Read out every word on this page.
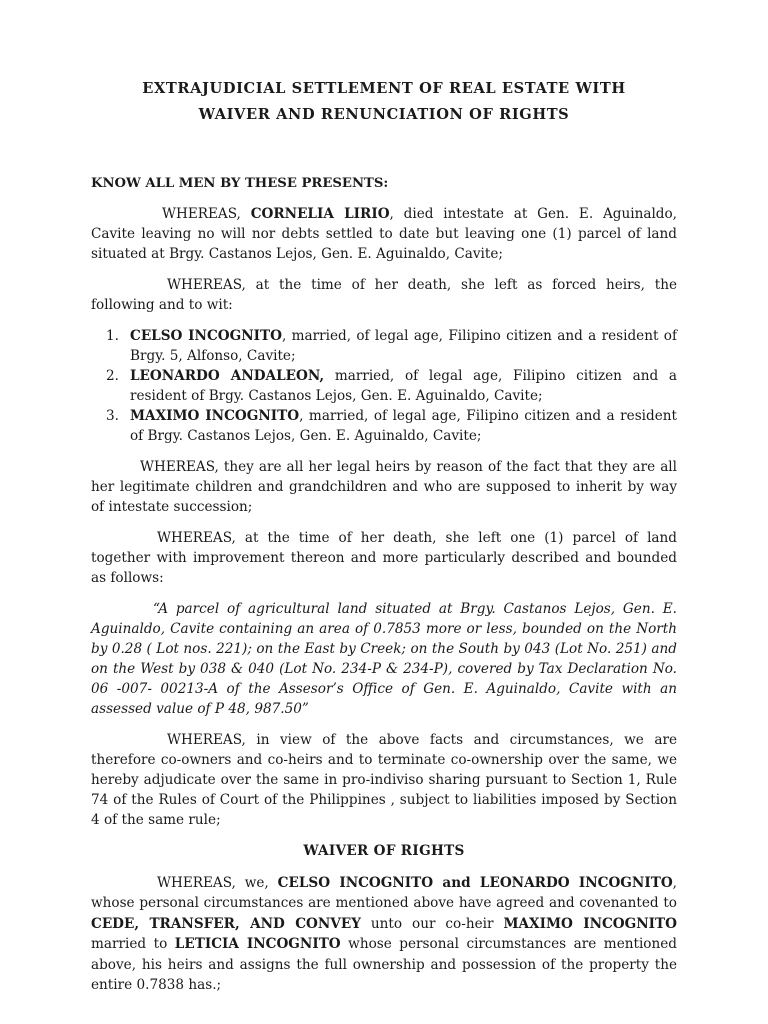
EXTRAJUDICIAL SETTLEMENT OF REAL ESTATE WITH

WAIVER AND RENUNCIATION OF RIGHTS

KNOW ALL MEN BY THESE PRESENTS:

WHEREAS, CORNELIA LIRIO, died intestate at Gen. E. Aguinaldo, Cavite leaving no will nor debts settled to date but leaving one (1) parcel of land situated at Brgy. Castanos Lejos, Gen. E. Aguinaldo, Cavite;

WHEREAS, at the time of her death, she left as forced heirs, the following and to wit:

1. CELSO INCOGNITO, married, of legal age, Filipino citizen and a resident of Brgy. 5, Alfonso, Cavite;
2. LEONARDO ANDALEON, married, of legal age, Filipino citizen and a resident of Brgy. Castanos Lejos, Gen. E. Aguinaldo, Cavite;
3. MAXIMO INCOGNITO, married, of legal age, Filipino citizen and a resident of Brgy. Castanos Lejos, Gen. E. Aguinaldo, Cavite;

WHEREAS, they are all her legal heirs by reason of the fact that they are all her legitimate children and grandchildren and who are supposed to inherit by way of intestate succession;

WHEREAS, at the time of her death, she left one (1) parcel of land together with improvement thereon and more particularly described and bounded as follows:

“A parcel of agricultural land situated at Brgy. Castanos Lejos, Gen. E. Aguinaldo, Cavite containing an area of 0.7853 more or less, bounded on the North by 0.28 ( Lot nos. 221); on the East by Creek; on the South by 043 (Lot No. 251) and on the West by 038 & 040 (Lot No. 234-P & 234-P), covered by Tax Declaration No. 06 -007- 00213-A of the Assesor’s Office of Gen. E. Aguinaldo, Cavite with an assessed value of P 48, 987.50”

WHEREAS, in view of the above facts and circumstances, we are therefore co-owners and co-heirs and to terminate co-ownership over the same, we hereby adjudicate over the same in pro-indiviso sharing pursuant to Section 1, Rule 74 of the Rules of Court of the Philippines , subject to liabilities imposed by Section 4 of the same rule;

WAIVER OF RIGHTS

WHEREAS, we, CELSO INCOGNITO and LEONARDO INCOGNITO, whose personal circumstances are mentioned above have agreed and covenanted to CEDE, TRANSFER, AND CONVEY unto our co-heir MAXIMO INCOGNITO married to LETICIA INCOGNITO whose personal circumstances are mentioned above, his heirs and assigns the full ownership and possession of the property the entire 0.7838 has.;
